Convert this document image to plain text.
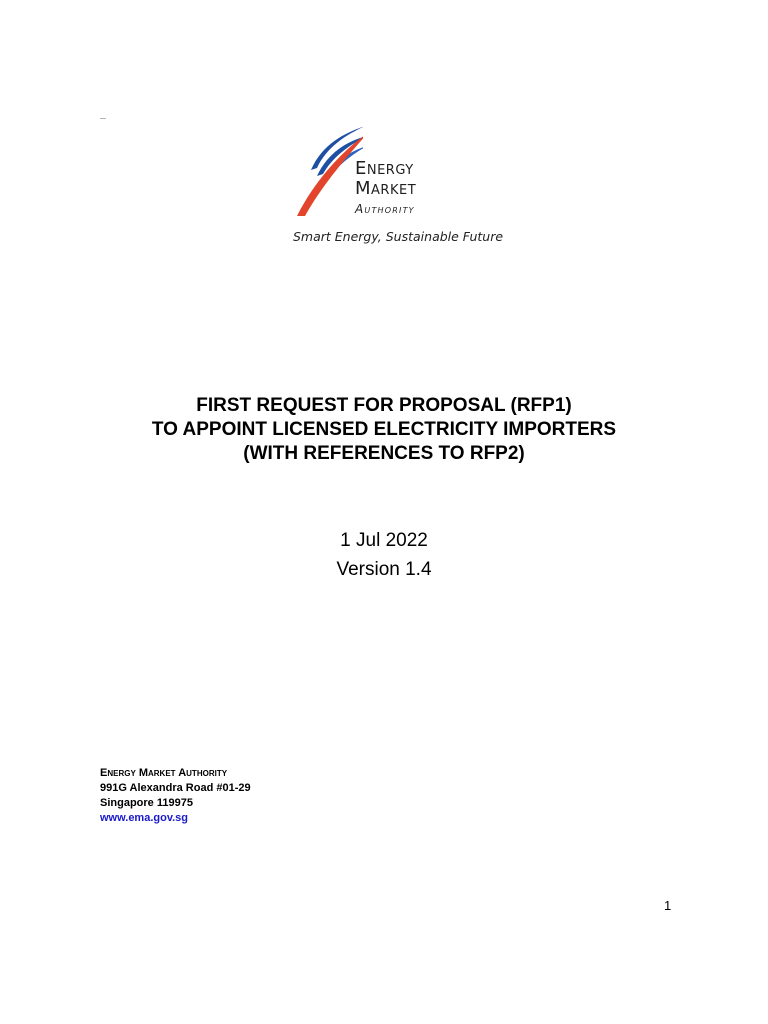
—
Energy
Market
Authority
Smart Energy, Sustainable Future
FIRST REQUEST FOR PROPOSAL (RFP1)
TO APPOINT LICENSED ELECTRICITY IMPORTERS
(WITH REFERENCES TO RFP2)
1 Jul 2022
Version 1.4
Energy Market Authority
991G Alexandra Road #01-29
Singapore 119975
www.ema.gov.sg
1
